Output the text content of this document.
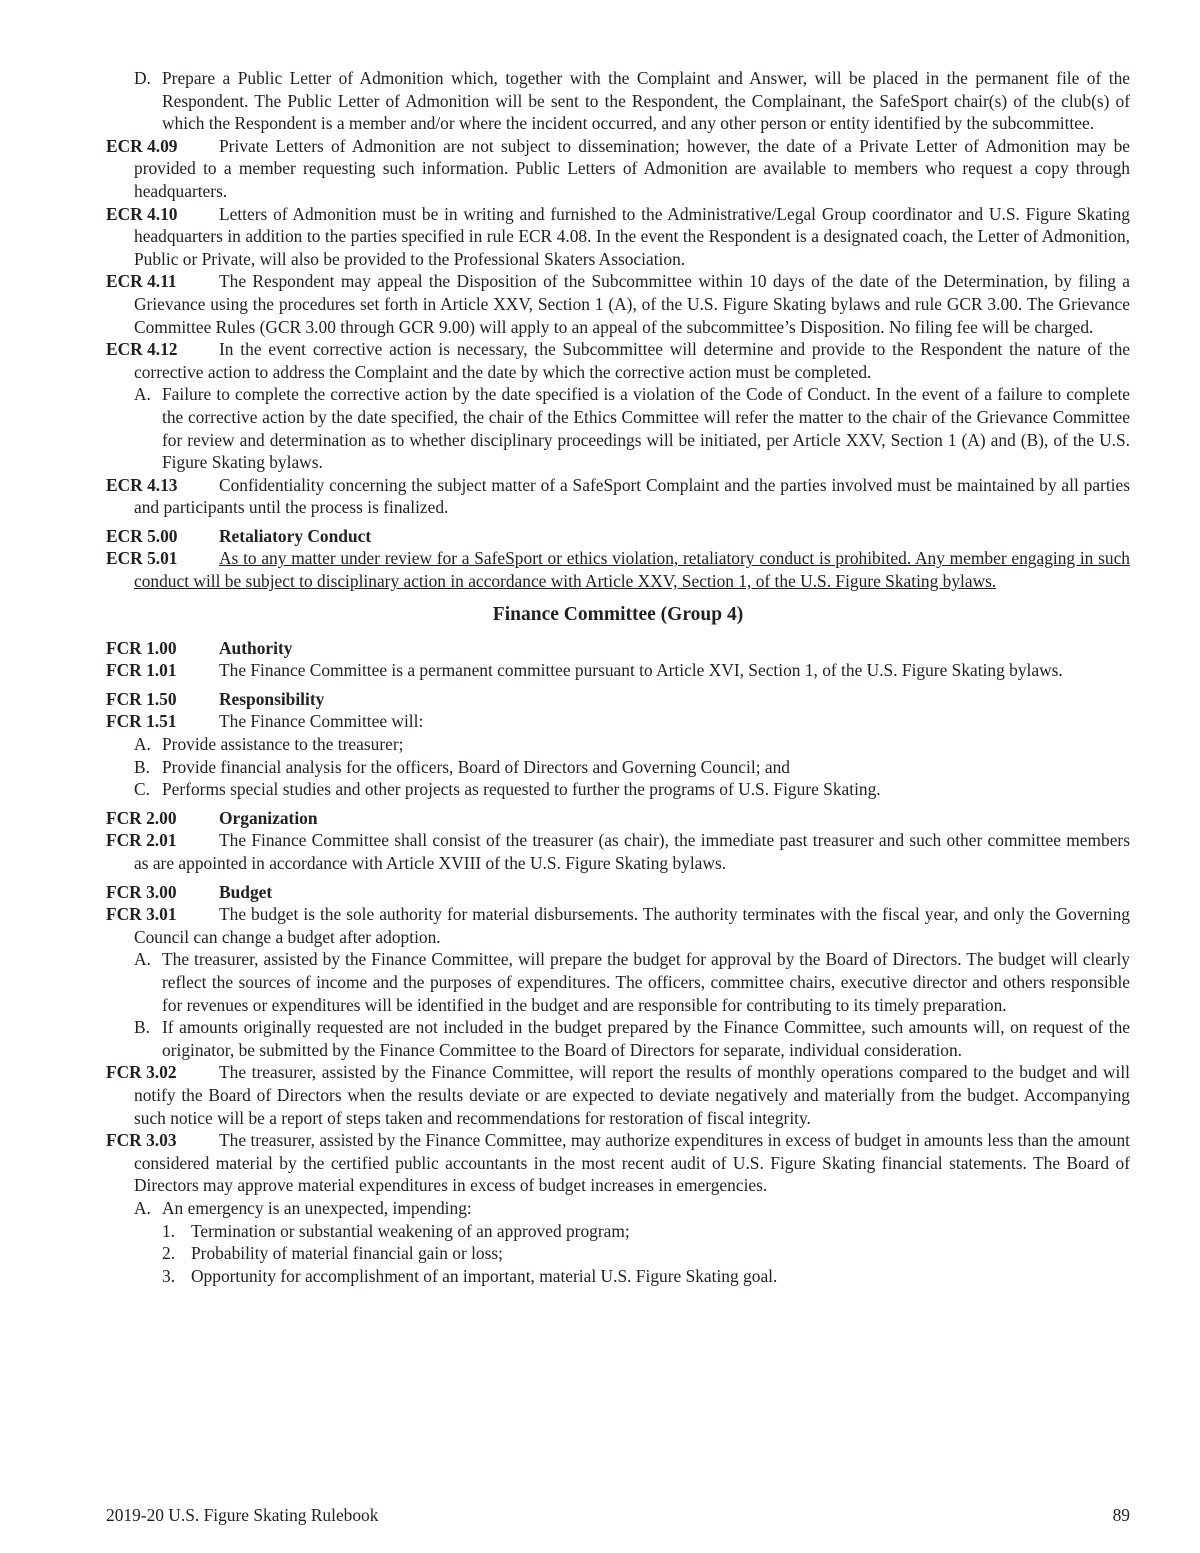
D. Prepare a Public Letter of Admonition which, together with the Complaint and Answer, will be placed in the permanent file of the Respondent. The Public Letter of Admonition will be sent to the Respondent, the Complainant, the SafeSport chair(s) of the club(s) of which the Respondent is a member and/or where the incident occurred, and any other person or entity identified by the subcommittee.

ECR 4.09 Private Letters of Admonition are not subject to dissemination; however, the date of a Private Letter of Admonition may be provided to a member requesting such information. Public Letters of Admonition are available to members who request a copy through headquarters.

ECR 4.10 Letters of Admonition must be in writing and furnished to the Administrative/Legal Group coordinator and U.S. Figure Skating headquarters in addition to the parties specified in rule ECR 4.08. In the event the Respondent is a designated coach, the Letter of Admonition, Public or Private, will also be provided to the Professional Skaters Association.

ECR 4.11 The Respondent may appeal the Disposition of the Subcommittee within 10 days of the date of the Determination, by filing a Grievance using the procedures set forth in Article XXV, Section 1 (A), of the U.S. Figure Skating bylaws and rule GCR 3.00. The Grievance Committee Rules (GCR 3.00 through GCR 9.00) will apply to an appeal of the subcommittee’s Disposition. No filing fee will be charged.

ECR 4.12 In the event corrective action is necessary, the Subcommittee will determine and provide to the Respondent the nature of the corrective action to address the Complaint and the date by which the corrective action must be completed.

A. Failure to complete the corrective action by the date specified is a violation of the Code of Conduct. In the event of a failure to complete the corrective action by the date specified, the chair of the Ethics Committee will refer the matter to the chair of the Grievance Committee for review and determination as to whether disciplinary proceedings will be initiated, per Article XXV, Section 1 (A) and (B), of the U.S. Figure Skating bylaws.

ECR 4.13 Confidentiality concerning the subject matter of a SafeSport Complaint and the parties involved must be maintained by all parties and participants until the process is finalized.

ECR 5.00 Retaliatory Conduct

ECR 5.01 As to any matter under review for a SafeSport or ethics violation, retaliatory conduct is prohibited. Any member engaging in such conduct will be subject to disciplinary action in accordance with Article XXV, Section 1, of the U.S. Figure Skating bylaws.

Finance Committee (Group 4)

FCR 1.00 Authority

FCR 1.01 The Finance Committee is a permanent committee pursuant to Article XVI, Section 1, of the U.S. Figure Skating bylaws.

FCR 1.50 Responsibility

FCR 1.51 The Finance Committee will:

A. Provide assistance to the treasurer;

B. Provide financial analysis for the officers, Board of Directors and Governing Council; and

C. Performs special studies and other projects as requested to further the programs of U.S. Figure Skating.

FCR 2.00 Organization

FCR 2.01 The Finance Committee shall consist of the treasurer (as chair), the immediate past treasurer and such other committee members as are appointed in accordance with Article XVIII of the U.S. Figure Skating bylaws.

FCR 3.00 Budget

FCR 3.01 The budget is the sole authority for material disbursements. The authority terminates with the fiscal year, and only the Governing Council can change a budget after adoption.

A. The treasurer, assisted by the Finance Committee, will prepare the budget for approval by the Board of Directors. The budget will clearly reflect the sources of income and the purposes of expenditures. The officers, committee chairs, executive director and others responsible for revenues or expenditures will be identified in the budget and are responsible for contributing to its timely preparation.

B. If amounts originally requested are not included in the budget prepared by the Finance Committee, such amounts will, on request of the originator, be submitted by the Finance Committee to the Board of Directors for separate, individual consideration.

FCR 3.02 The treasurer, assisted by the Finance Committee, will report the results of monthly operations compared to the budget and will notify the Board of Directors when the results deviate or are expected to deviate negatively and materially from the budget. Accompanying such notice will be a report of steps taken and recommendations for restoration of fiscal integrity.

FCR 3.03 The treasurer, assisted by the Finance Committee, may authorize expenditures in excess of budget in amounts less than the amount considered material by the certified public accountants in the most recent audit of U.S. Figure Skating financial statements. The Board of Directors may approve material expenditures in excess of budget increases in emergencies.

A. An emergency is an unexpected, impending:

1. Termination or substantial weakening of an approved program;

2. Probability of material financial gain or loss;

3. Opportunity for accomplishment of an important, material U.S. Figure Skating goal.

2019-20 U.S. Figure Skating Rulebook	89
